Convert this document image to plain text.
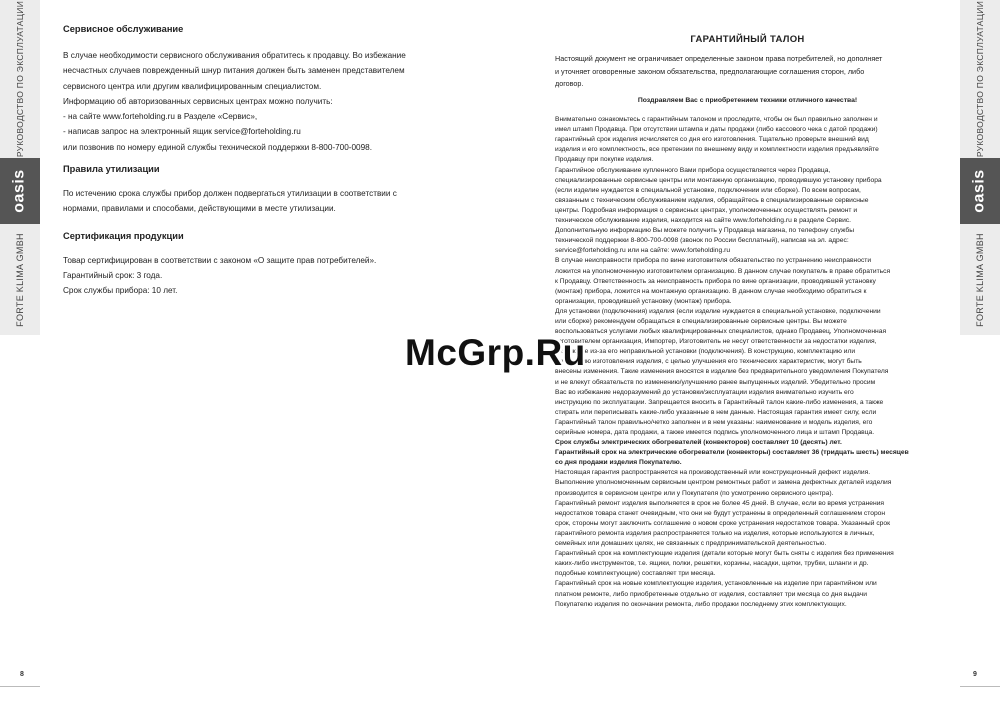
РУКОВОДСТВО ПО ЭКСПЛУАТАЦИИ
oasis
FORTE KLIMA GMBH
РУКОВОДСТВО ПО ЭКСПЛУАТАЦИИ
oasis
FORTE KLIMA GMBH
Сервисное обслуживание

В случае необходимости сервисного обслуживания обратитесь к продавцу. Во избежание

несчастных случаев поврежденный шнур питания должен быть заменен представителем

сервисного центра или другим квалифицированным специалистом.

Информацию об авторизованных сервисных центрах можно получить:

- на сайте www.forteholding.ru в Разделе «Сервис»,

- написав запрос на электронный ящик service@forteholding.ru

или позвонив по номеру единой службы технической поддержки 8-800-700-0098.

Правила утилизации

По истечению срока службы прибор должен подвергаться утилизации в соответствии с

нормами, правилами и способами, действующими в месте утилизации.

Сертификация продукции

Товар сертифицирован в соответствии с законом «О защите прав потребителей».

Гарантийный срок: 3 года.

Срок службы прибора: 10 лет.

ГАРАНТИЙНЫЙ ТАЛОН
Настоящий документ не ограничивает определенные законом права потребителей, но дополняет
и уточняет оговоренные законом обязательства, предполагающие соглашения сторон, либо
договор.
Поздравляем Вас с приобретением техники отличного качества!

Внимательно ознакомьтесь с гарантийным талоном и проследите, чтобы он был правильно заполнен и

имел штамп Продавца. При отсутствии штампа и даты продажи (либо кассового чека с датой продажи)

гарантийный срок изделия исчисляется со дня его изготовления. Тщательно проверьте внешний вид

изделия и его комплектность, все претензии по внешнему виду и комплектности изделия предъявляйте

Продавцу при покупке изделия.

Гарантийное обслуживание купленного Вами прибора осуществляется через Продавца,

специализированные сервисные центры или монтажную организацию, проводившую установку прибора

(если изделие нуждается в специальной установке, подключении или сборке). По всем вопросам,

связанным с техническим обслуживанием изделия, обращайтесь в специализированные сервисные

центры. Подробная информация о сервисных центрах, уполномоченных осуществлять ремонт и

техническое обслуживание изделия, находится на сайте www.forteholding.ru в разделе Сервис.

Дополнительную информацию Вы можете получить у Продавца магазина, по телефону службы

технической поддержки 8-800-700-0098 (звонок по России бесплатный), написав на эл. адрес:

service@forteholding.ru или на сайте: www.forteholding.ru

В случае неисправности прибора по вине изготовителя обязательство по устранению неисправности

ложится на уполномоченную изготовителем организацию. В данном случае покупатель в праве обратиться

к Продавцу. Ответственность за неисправность прибора по вине организации, проводившей установку

(монтаж) прибора, ложится на монтажную организацию. В данном случае необходимо обратиться к

организации, проводившей установку (монтаж) прибора.

Для установки (подключения) изделия (если изделие нуждается в специальной установке, подключении

или сборке) рекомендуем обращаться в специализированные сервисные центры. Вы можете

воспользоваться услугами любых квалифицированных специалистов, однако Продавец, Уполномоченная

изготовителем организация, Импортер, Изготовитель не несут ответственности за недостатки изделия,

возникшие из-за его неправильной установки (подключения). В конструкцию, комплектацию или

технологию изготовления изделия, с целью улучшения его технических характеристик, могут быть

внесены изменения. Такие изменения вносятся в изделие без предварительного уведомления Покупателя

и не влекут обязательств по изменению/улучшению ранее выпущенных изделий. Убедительно просим

Вас во избежание недоразумений до установки/эксплуатации изделия внимательно изучить его

инструкцию по эксплуатации. Запрещается вносить в Гарантийный талон какие-либо изменения, а также

стирать или переписывать какие-либо указанные в нем данные. Настоящая гарантия имеет силу, если

Гарантийный талон правильно/четко заполнен и в нем указаны: наименование и модель изделия, его

серийные номера, дата продажи, а также имеется подпись уполномоченного лица и штамп Продавца.

Срок службы электрических обогревателей (конвекторов) составляет 10 (десять) лет.

Гарантийный срок на электрические обогреватели (конвекторы) составляет 36 (тридцать шесть) месяцев

со дня продажи изделия Покупателю.

Настоящая гарантия распространяется на производственный или конструкционный дефект изделия.

Выполнение уполномоченным сервисным центром ремонтных работ и замена дефектных деталей изделия

производится в сервисном центре или у Покупателя (по усмотрению сервисного центра).

Гарантийный ремонт изделия выполняется в срок не более 45 дней. В случае, если во время устранения

недостатков товара станет очевидным, что они не будут устранены в определенный соглашением сторон

срок, стороны могут заключить соглашение о новом сроке устранения недостатков товара. Указанный срок

гарантийного ремонта изделия распространяется только на изделия, которые используются в личных,

семейных или домашних целях, не связанных с предпринимательской деятельностью.

Гарантийный срок на комплектующие изделия (детали которые могут быть сняты с изделия без применения

каких-либо инструментов, т.е. ящики, полки, решетки, корзины, насадки, щетки, трубки, шланги и др.

подобные комплектующие) составляет три месяца.

Гарантийный срок на новые комплектующие изделия, установленные на изделие при гарантийном или

платном ремонте, либо приобретенные отдельно от изделия, составляет три месяца со дня выдачи

Покупателю изделия по окончании ремонта, либо продажи последнему этих комплектующих.

McGrp.Ru
8	9
